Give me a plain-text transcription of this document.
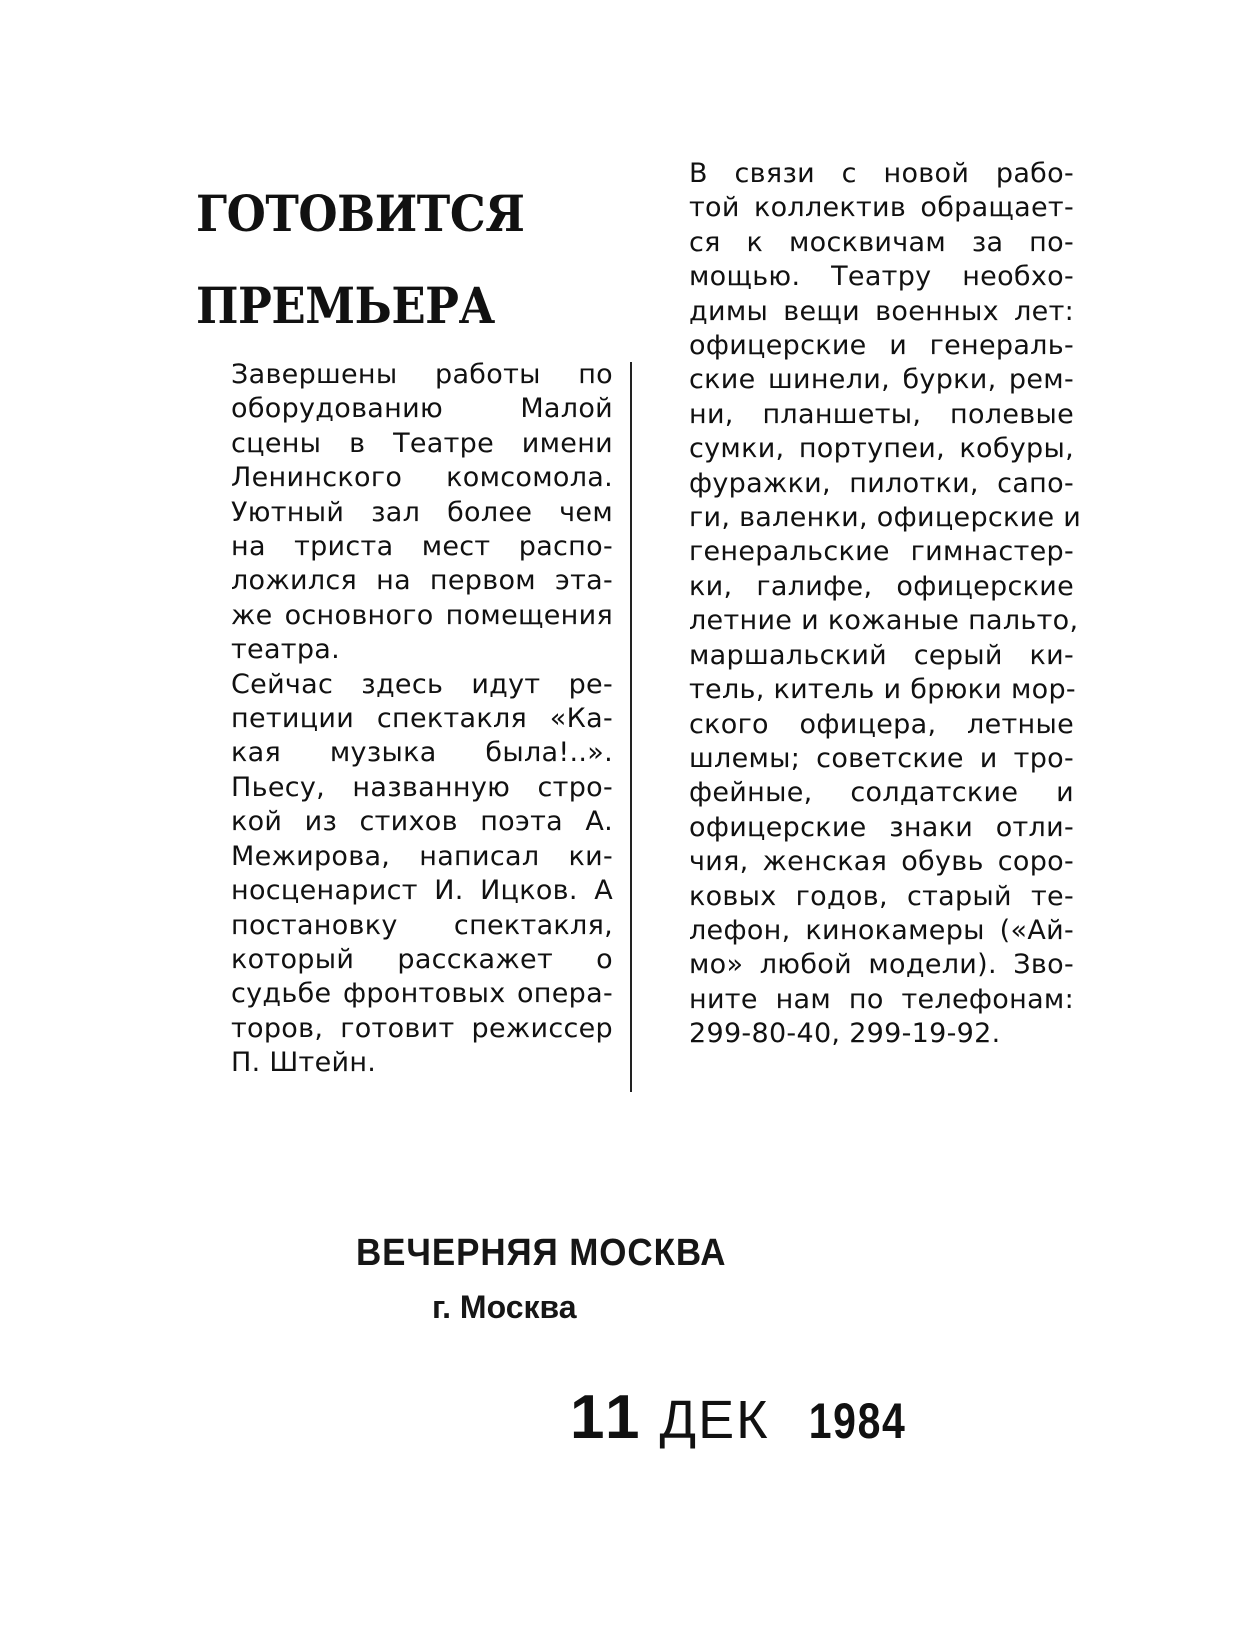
ГОТОВИТСЯ
ПРЕМЬЕРА

Завершены работы по
оборудованию Малой
сцены в Театре имени
Ленинского комсомола.
Уютный зал более чем
на триста мест распо-
ложился на первом эта-
же основного помещения
театра.

Сейчас здесь идут ре-
петиции спектакля «Ка-
кая музыка была!..».
Пьесу, названную стро-
кой из стихов поэта А.
Межирова, написал ки-
носценарист И. Ицков. А
постановку спектакля,
который расскажет о
судьбе фронтовых опера-
торов, готовит режиссер
П. Штейн.

В связи с новой рабо-
той коллектив обращает-
ся к москвичам за по-
мощью. Театру необхо-
димы вещи военных лет:
офицерские и генераль-
ские шинели, бурки, рем-
ни, планшеты, полевые
сумки, портупеи, кобуры,
фуражки, пилотки, сапо-
ги, валенки, офицерские и
генеральские гимнастер-
ки, галифе, офицерские
летние и кожаные пальто,
маршальский серый ки-
тель, китель и брюки мор-
ского офицера, летные
шлемы; советские и тро-
фейные, солдатские и
офицерские знаки отли-
чия, женская обувь соро-
ковых годов, старый те-
лефон, кинокамеры («Ай-
мо» любой модели). Зво-
ните нам по телефонам:
299-80-40, 299-19-92.

ВЕЧЕРНЯЯ МОСКВА
г. Москва
11 ДЕК 1984
